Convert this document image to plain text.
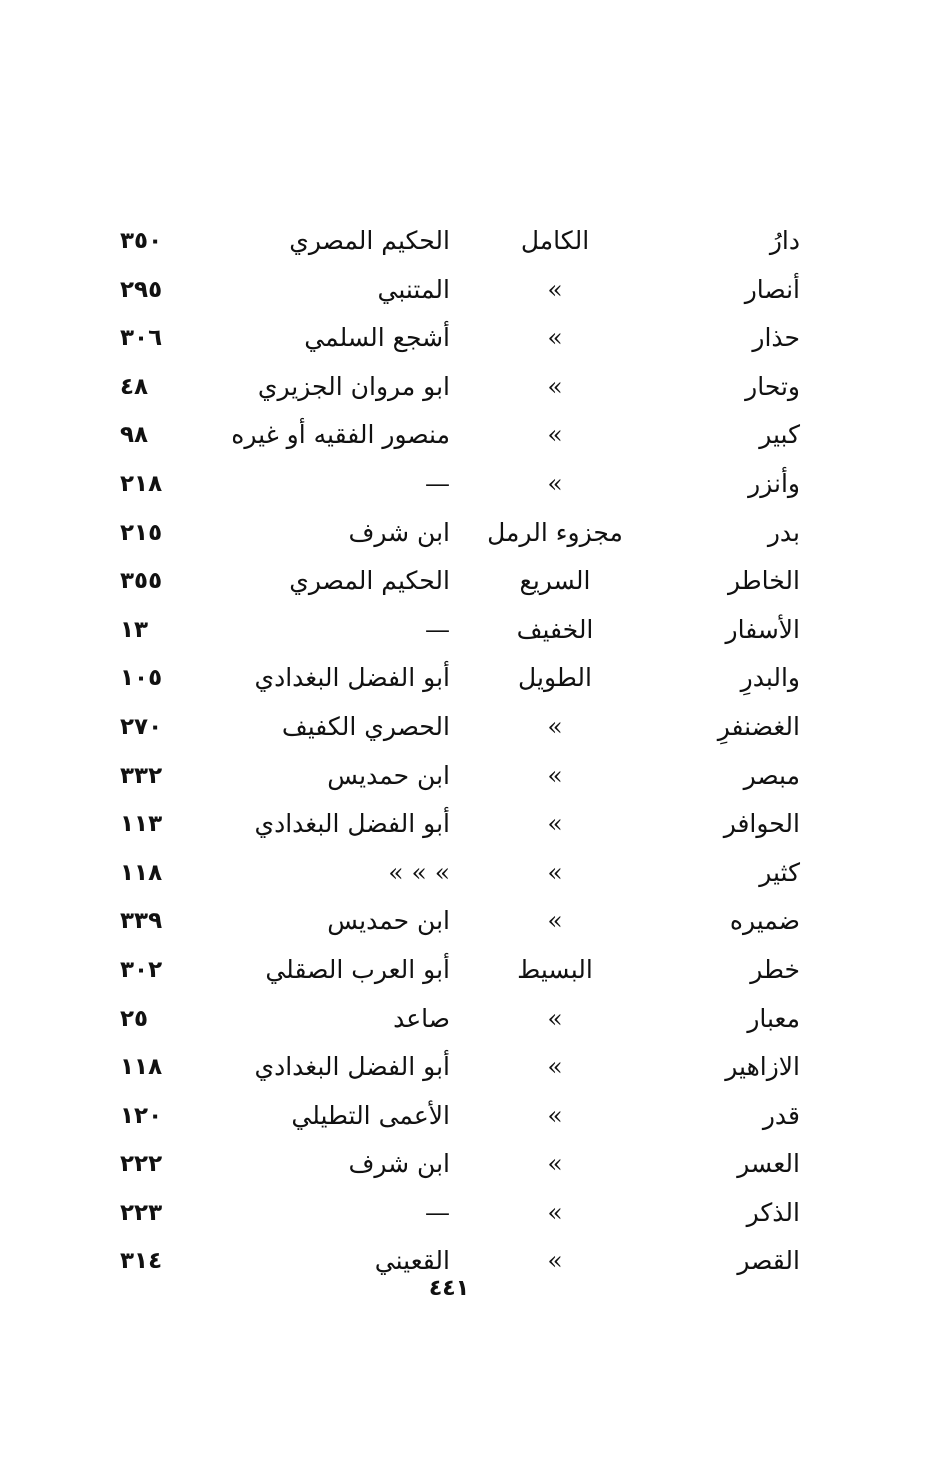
دارُ
الكامل
الحكيم المصري
٣٥٠
أنصار
»
المتنبي
٢٩٥
حذار
»
أشجع السلمي
٣٠٦
وتحار
»
ابو مروان الجزيري
٤٨
كبير
»
منصور الفقيه أو غيره
٩٨
وأنزر
»
—
٢١٨
بدر
مجزوء الرمل
ابن شرف
٢١٥
الخاطر
السريع
الحكيم المصري
٣٥٥
الأسفار
الخفيف
—
١٣
والبدرِ
الطويل
أبو الفضل البغدادي
١٠٥
الغضنفرِ
»
الحصري الكفيف
٢٧٠
مبصر
»
ابن حمديس
٣٣٢
الحوافر
»
أبو الفضل البغدادي
١١٣
كثير
»
» » »
١١٨
ضميره
»
ابن حمديس
٣٣٩
خطر
البسيط
أبو العرب الصقلي
٣٠٢
معبار
»
صاعد
٢٥
الازاهير
»
أبو الفضل البغدادي
١١٨
قدر
»
الأعمى التطيلي
١٢٠
العسر
»
ابن شرف
٢٢٢
الذكر
»
—
٢٢٣
القصر
»
القعيني
٣١٤
٤٤١
